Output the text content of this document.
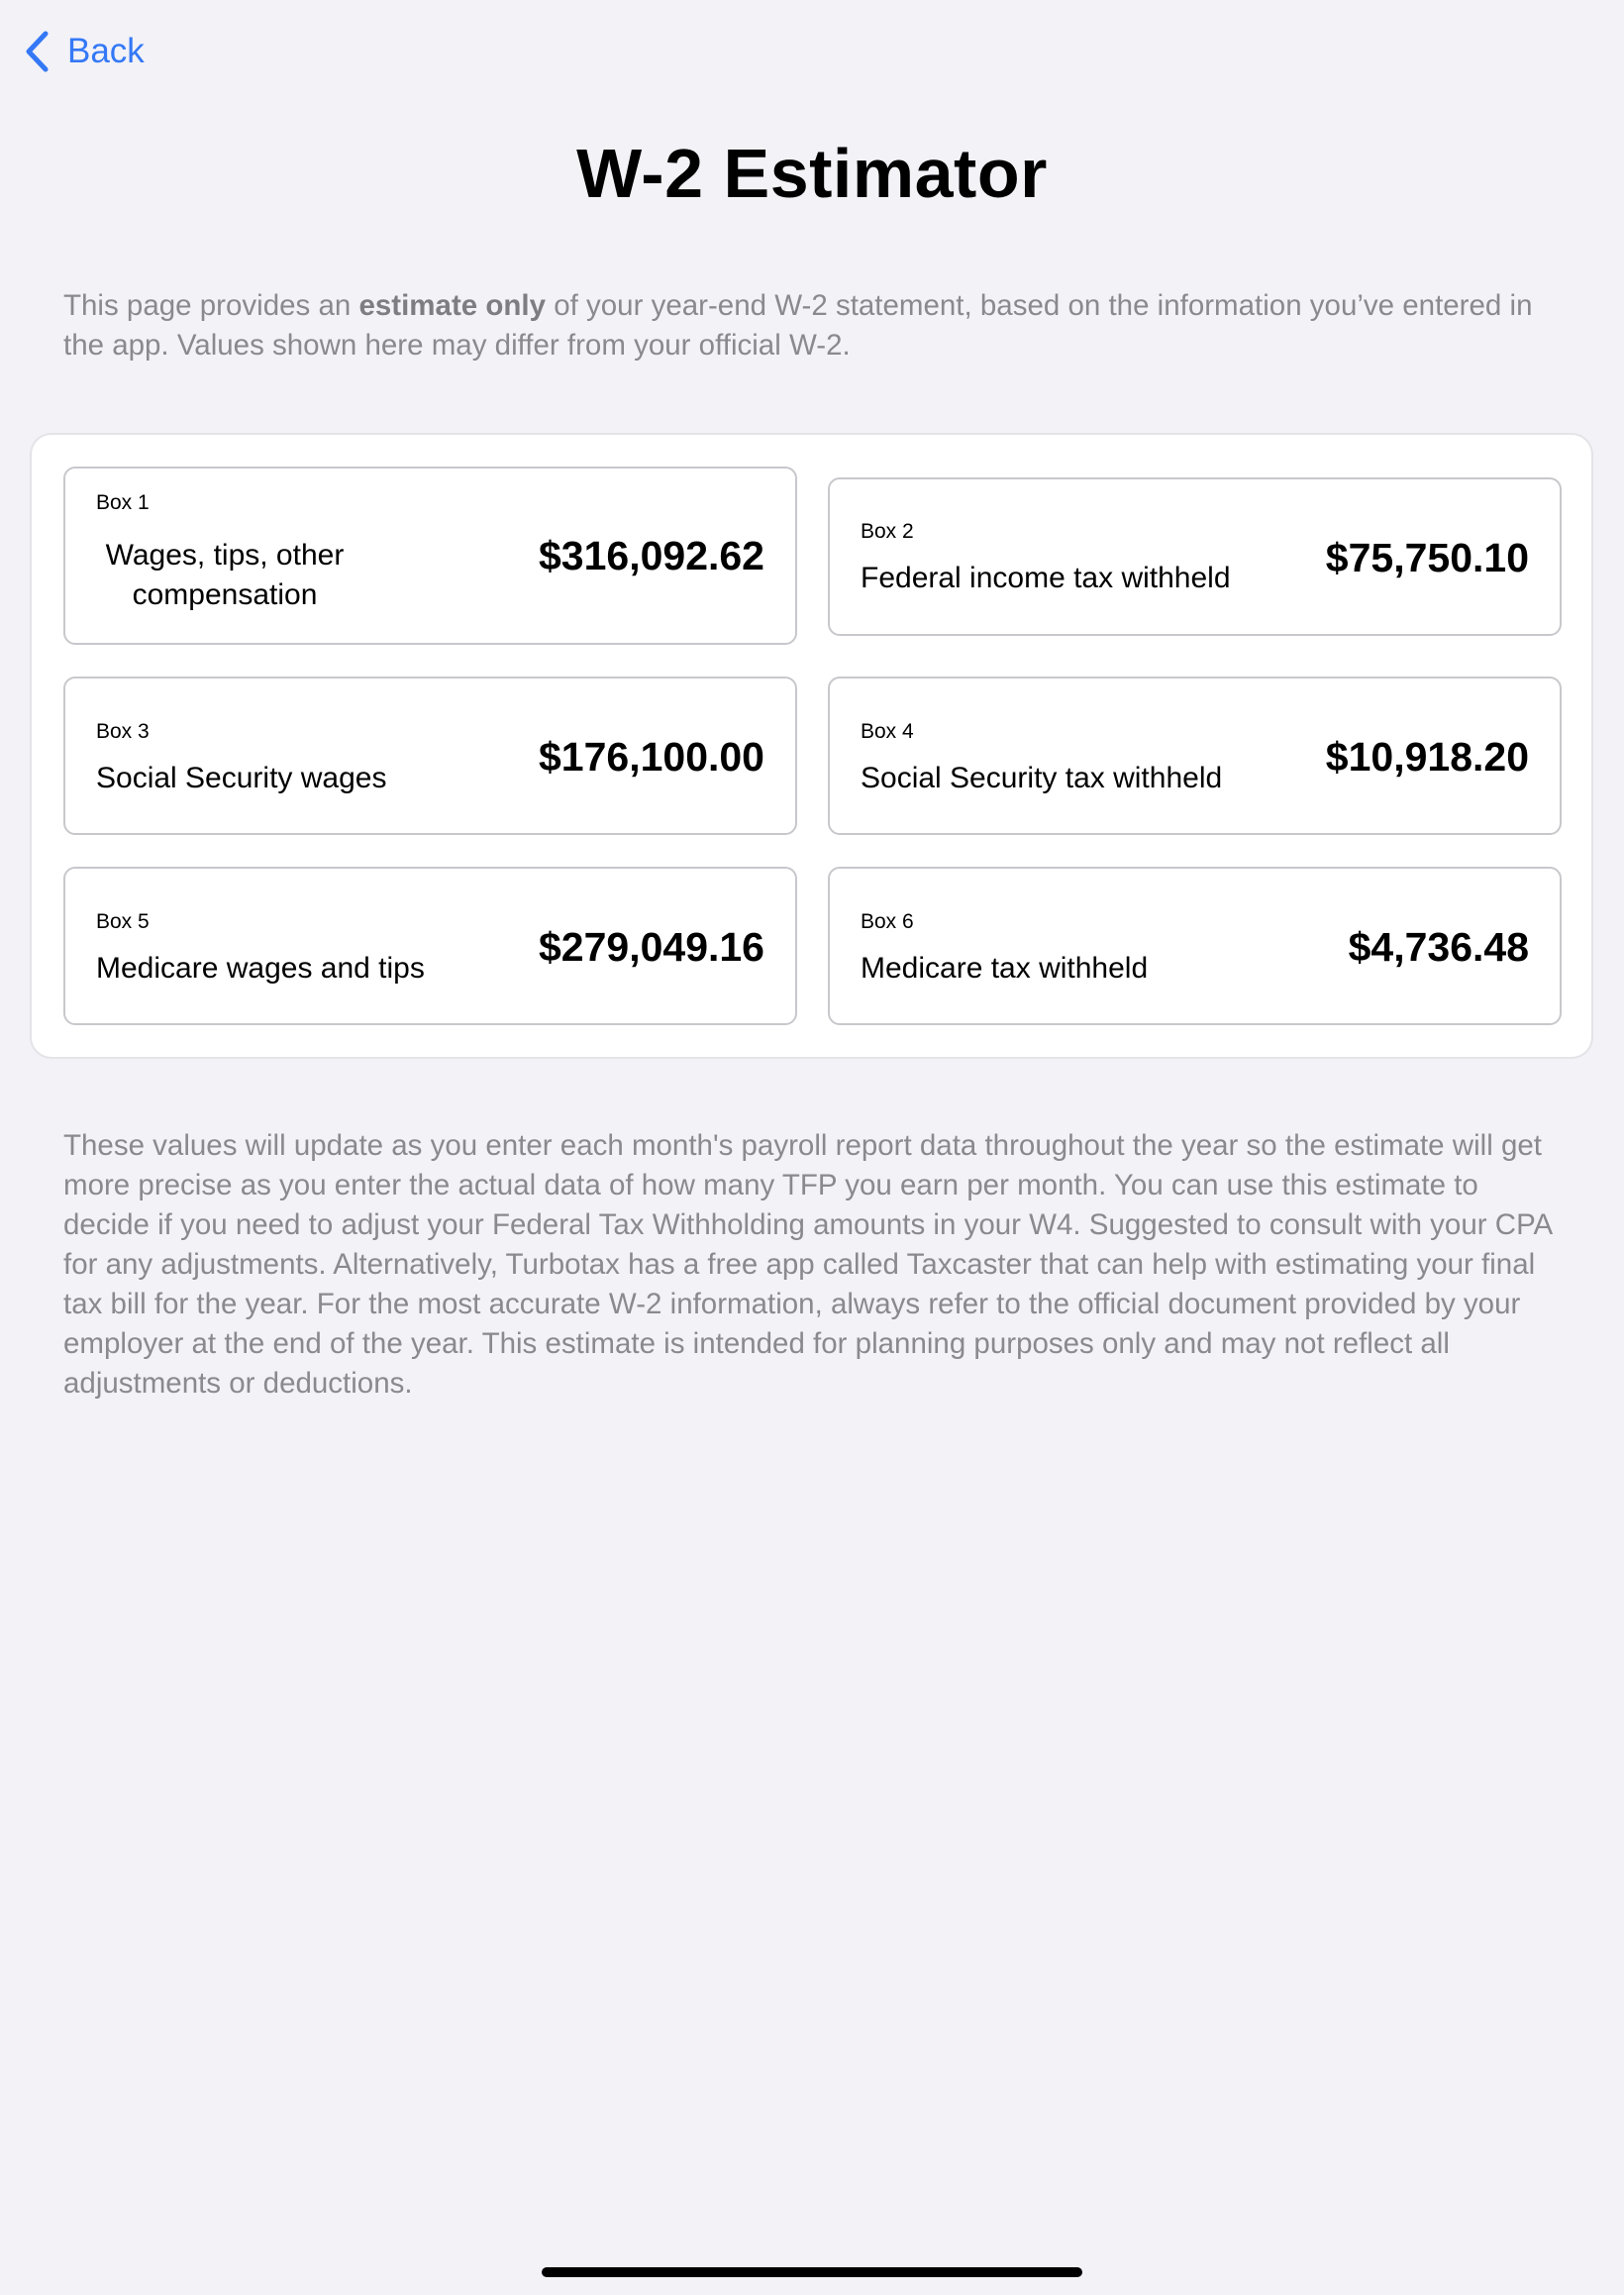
Back
W-2 Estimator
This page provides an estimate only of your year-end W-2 statement, based on the information you’ve entered in the app. Values shown here may differ from your official W-2.
Box 1
Wages, tips, other compensation
$316,092.62
Box 2
Federal income tax withheld $75,750.10
Box 3
Social Security wages	$176,100.00
Box 4
Social Security tax withheld	$10,918.20
Box 5
Medicare wages and tips	$279,049.16
Box 6
Medicare tax withheld	$4,736.48
These values will update as you enter each month's payroll report data throughout the year so the estimate will get more precise as you enter the actual data of how many TFP you earn per month. You can use this estimate to decide if you need to adjust your Federal Tax Withholding amounts in your W4. Suggested to consult with your CPA for any adjustments. Alternatively, Turbotax has a free app called Taxcaster that can help with estimating your final tax bill for the year. For the most accurate W-2 information, always refer to the official document provided by your employer at the end of the year. This estimate is intended for planning purposes only and may not reflect all adjustments or deductions.
